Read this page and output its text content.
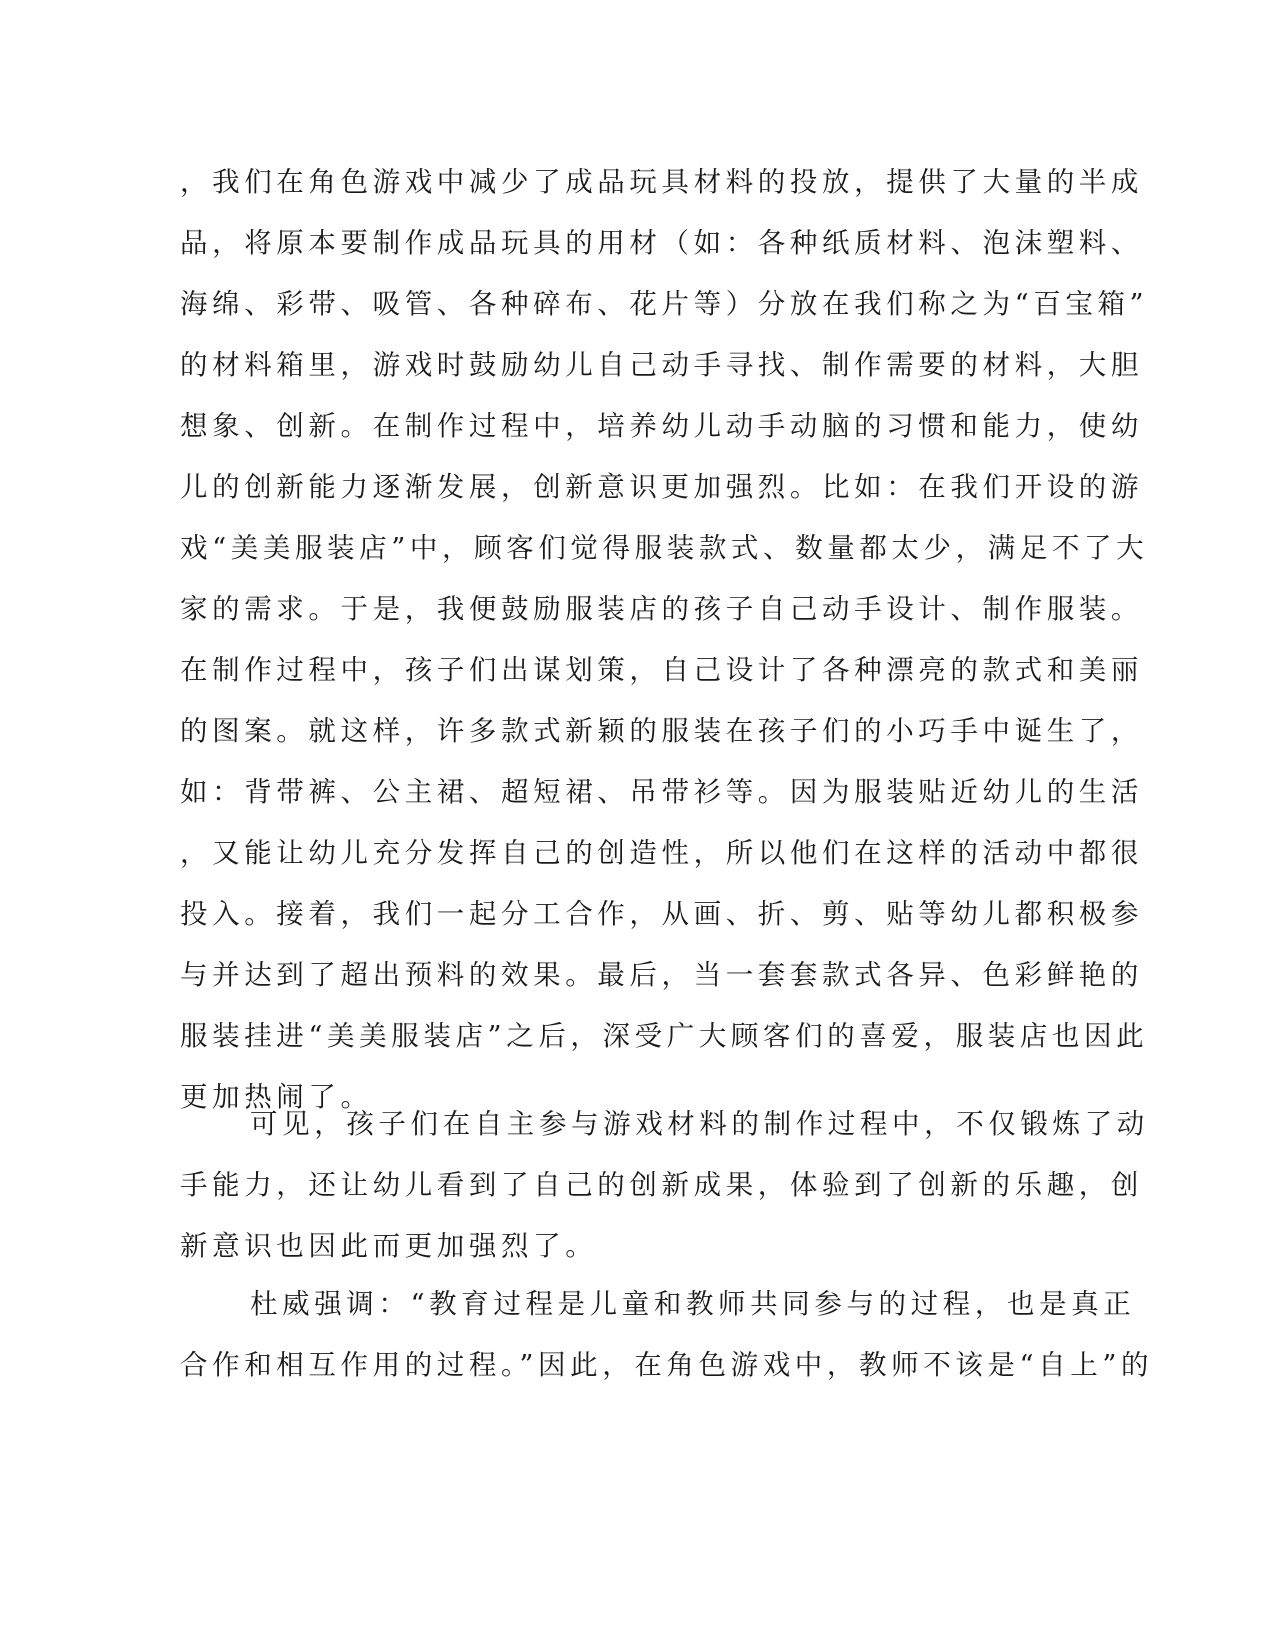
，我们在角色游戏中减少了成品玩具材料的投放，提供了大量的半成
品，将原本要制作成品玩具的用材（如：各种纸质材料、泡沫塑料、
海绵、彩带、吸管、各种碎布、花片等）分放在我们称之为“百宝箱”
的材料箱里，游戏时鼓励幼儿自己动手寻找、制作需要的材料，大胆
想象、创新。在制作过程中，培养幼儿动手动脑的习惯和能力，使幼
儿的创新能力逐渐发展，创新意识更加强烈。比如：在我们开设的游
戏“美美服装店”中，顾客们觉得服装款式、数量都太少，满足不了大
家的需求。于是，我便鼓励服装店的孩子自己动手设计、制作服装。
在制作过程中，孩子们出谋划策，自己设计了各种漂亮的款式和美丽
的图案。就这样，许多款式新颖的服装在孩子们的小巧手中诞生了，
如：背带裤、公主裙、超短裙、吊带衫等。因为服装贴近幼儿的生活
，又能让幼儿充分发挥自己的创造性，所以他们在这样的活动中都很
投入。接着，我们一起分工合作，从画、折、剪、贴等幼儿都积极参
与并达到了超出预料的效果。最后，当一套套款式各异、色彩鲜艳的
服装挂进“美美服装店”之后，深受广大顾客们的喜爱，服装店也因此
更加热闹了。
可见，孩子们在自主参与游戏材料的制作过程中，不仅锻炼了动
手能力，还让幼儿看到了自己的创新成果，体验到了创新的乐趣，创
新意识也因此而更加强烈了。
杜威强调：“教育过程是儿童和教师共同参与的过程，也是真正
合作和相互作用的过程。”因此，在角色游戏中，教师不该是“自上”的
